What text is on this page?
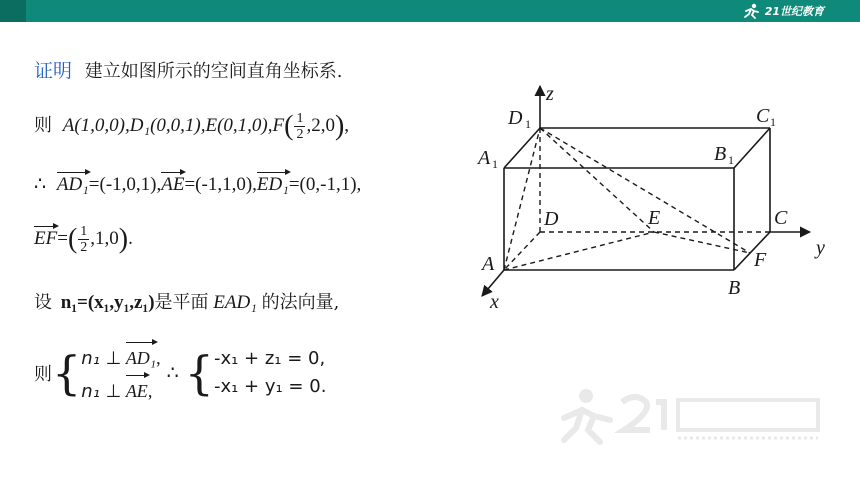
21世纪教育
证明 建立如图所示的空间直角坐标系.
则 $A(1,0,0),D_1(0,0,1),E(0,1,0),F( \frac{1}{2} ,2,0)$,
∴ AD₁=(-1,0,1),AE=(-1,1,0),ED₁=(0,-1,1),
$EF=( \frac{1}{2} ,1,0)$.
设 n₁=(x₁,y₁,z₁)是平面 EAD₁ 的法向量,
则{ n₁ ⊥ AD₁,
n₁ ⊥ AE,
∴ { -x₁ + z₁ = 0,
-x₁ + y₁ = 0.
z
y
x
D 1	C 1
A 1	B 1
D	E	C
A	F
B
